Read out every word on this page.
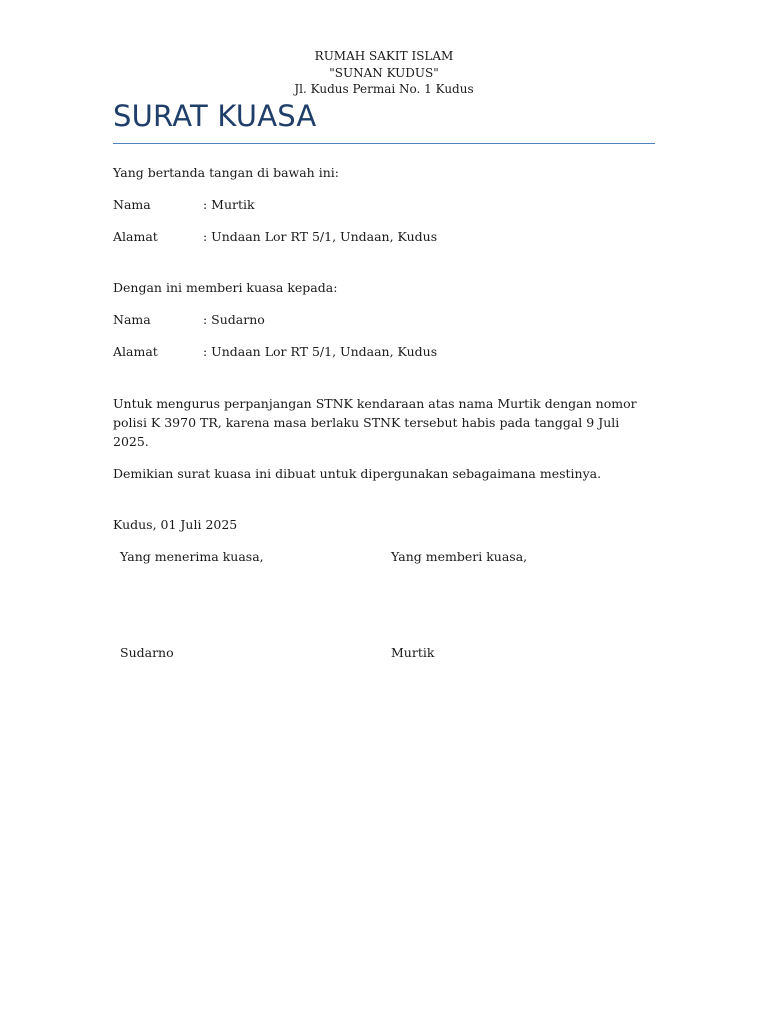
RUMAH SAKIT ISLAM
"SUNAN KUDUS"
Jl. Kudus Permai No. 1 Kudus
SURAT KUASA
Yang bertanda tangan di bawah ini:
Nama	: Murtik
Alamat	: Undaan Lor RT 5/1, Undaan, Kudus
Dengan ini memberi kuasa kepada:
Nama	: Sudarno
Alamat	: Undaan Lor RT 5/1, Undaan, Kudus
Untuk mengurus perpanjangan STNK kendaraan atas nama Murtik dengan nomor polisi K 3970 TR, karena masa berlaku STNK tersebut habis pada tanggal 9 Juli 2025.
Demikian surat kuasa ini dibuat untuk dipergunakan sebagaimana mestinya.
Kudus, 01 Juli 2025
Yang menerima kuasa,	Yang memberi kuasa,
Sudarno	Murtik
